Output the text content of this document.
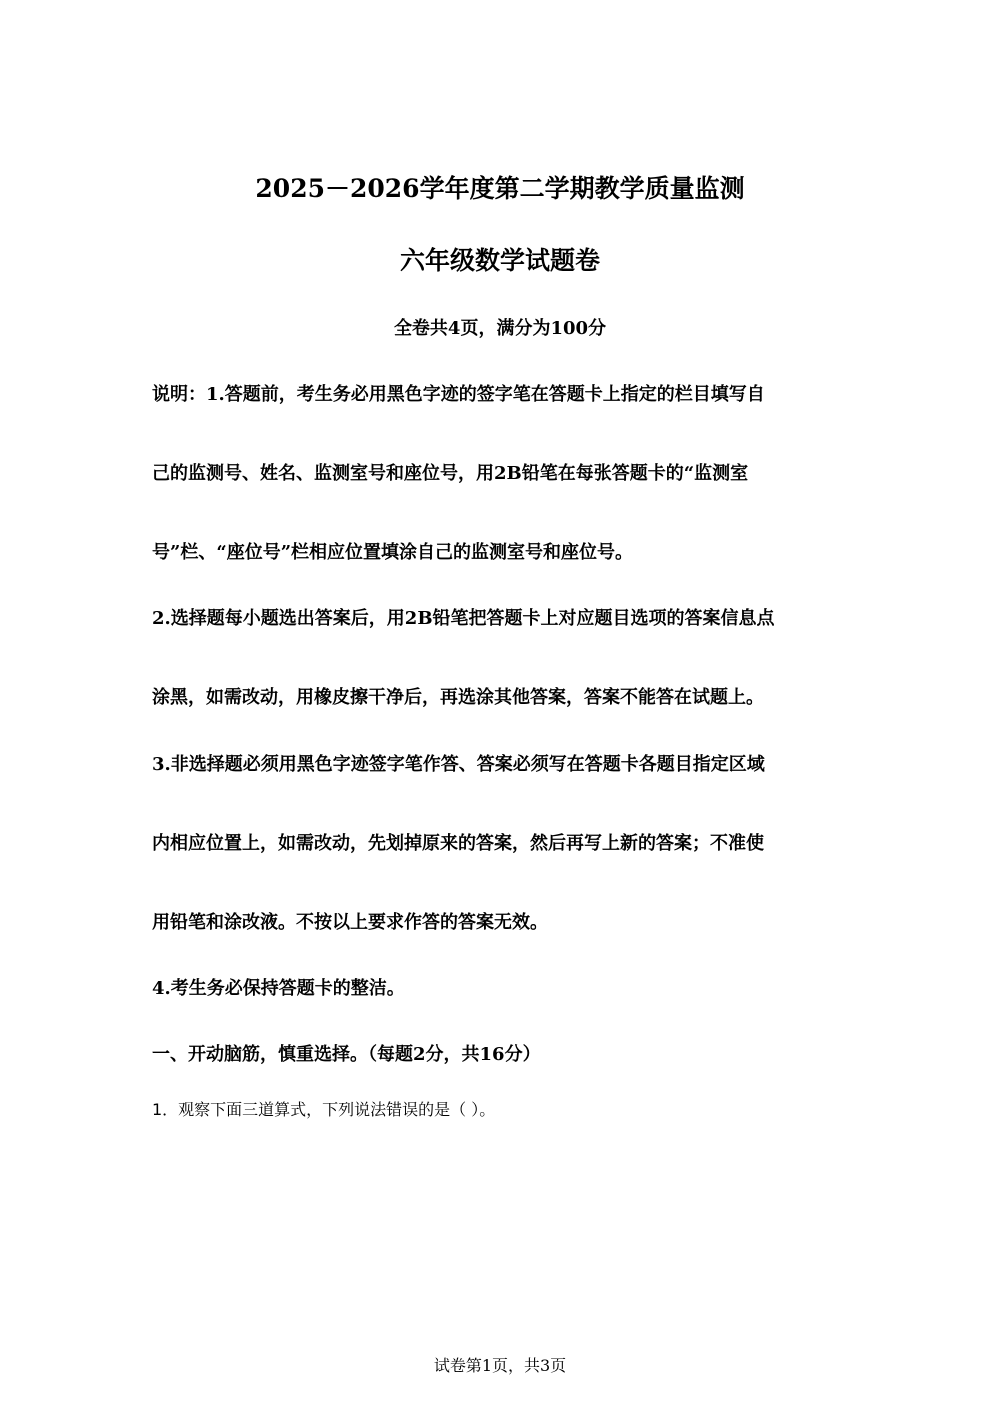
2025－2026学年度第二学期教学质量监测
六年级数学试题卷
全卷共4页，满分为100分
说明：1.答题前，考生务必用黑色字迹的签字笔在答题卡上指定的栏目填写自
己的监测号、姓名、监测室号和座位号，用2B铅笔在每张答题卡的“监测室
号”栏、“座位号”栏相应位置填涂自己的监测室号和座位号。
2.选择题每小题选出答案后，用2B铅笔把答题卡上对应题目选项的答案信息点
涂黑，如需改动，用橡皮擦干净后，再选涂其他答案，答案不能答在试题上。
3.非选择题必须用黑色字迹签字笔作答、答案必须写在答题卡各题目指定区域
内相应位置上，如需改动，先划掉原来的答案，然后再写上新的答案；不准使
用铅笔和涂改液。不按以上要求作答的答案无效。
4.考生务必保持答题卡的整洁。
一、开动脑筋，慎重选择。（每题2分，共16分）
1．观察下面三道算式，下列说法错误的是（ ）。
试卷第1页，共3页
